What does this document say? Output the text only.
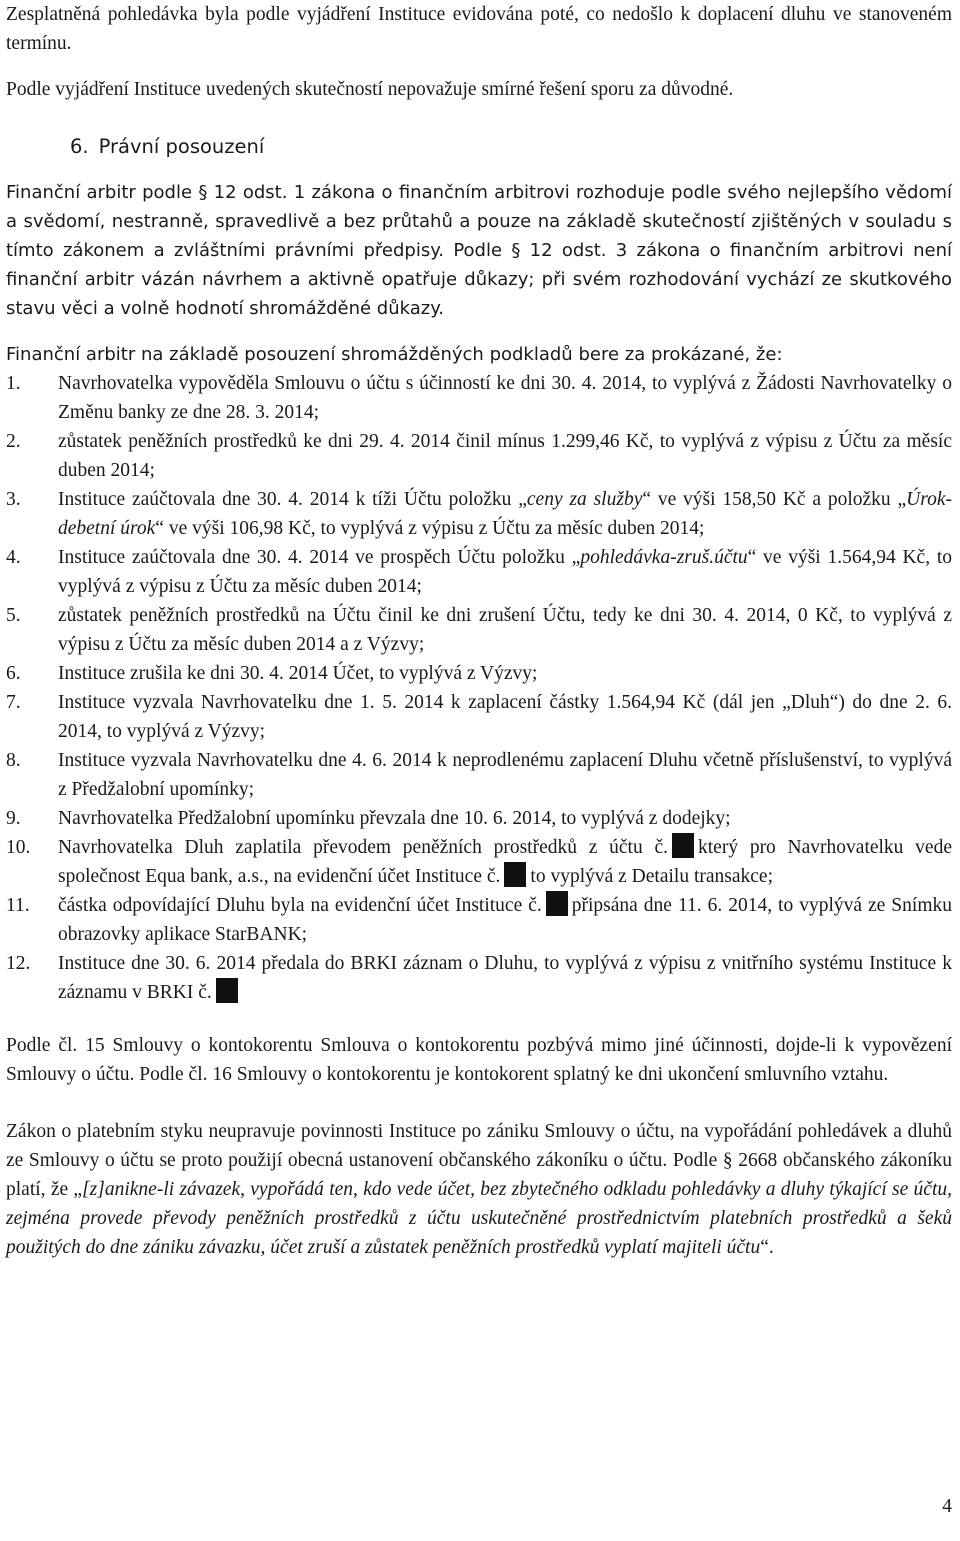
Zesplatněná pohledávka byla podle vyjádření Instituce evidována poté, co nedošlo k doplacení dluhu ve stanoveném termínu.

Podle vyjádření Instituce uvedených skutečností nepovažuje smírné řešení sporu za důvodné.

6. Právní posouzení

Finanční arbitr podle § 12 odst. 1 zákona o finančním arbitrovi rozhoduje podle svého nejlepšího vědomí a svědomí, nestranně, spravedlivě a bez průtahů a pouze na základě skutečností zjištěných v souladu s tímto zákonem a zvláštními právními předpisy. Podle § 12 odst. 3 zákona o finančním arbitrovi není finanční arbitr vázán návrhem a aktivně opatřuje důkazy; při svém rozhodování vychází ze skutkového stavu věci a volně hodnotí shromážděné důkazy.

Finanční arbitr na základě posouzení shromážděných podkladů bere za prokázané, že:

1.	Navrhovatelka vypověděla Smlouvu o účtu s účinností ke dni 30. 4. 2014, to vyplývá z Žádosti Navrhovatelky o Změnu banky ze dne 28. 3. 2014;
2.	zůstatek peněžních prostředků ke dni 29. 4. 2014 činil mínus 1.299,46 Kč, to vyplývá z výpisu z Účtu za měsíc duben 2014;
3.	Instituce zaúčtovala dne 30. 4. 2014 k tíži Účtu položku „ceny za služby“ ve výši 158,50 Kč a položku „Úrok-debetní úrok“ ve výši 106,98 Kč, to vyplývá z výpisu z Účtu za měsíc duben 2014;
4.	Instituce zaúčtovala dne 30. 4. 2014 ve prospěch Účtu položku „pohledávka-zruš.účtu“ ve výši 1.564,94 Kč, to vyplývá z výpisu z Účtu za měsíc duben 2014;
5.	zůstatek peněžních prostředků na Účtu činil ke dni zrušení Účtu, tedy ke dni 30. 4. 2014, 0 Kč, to vyplývá z výpisu z Účtu za měsíc duben 2014 a z Výzvy;
6.	Instituce zrušila ke dni 30. 4. 2014 Účet, to vyplývá z Výzvy;
7.	Instituce vyzvala Navrhovatelku dne 1. 5. 2014 k zaplacení částky 1.564,94 Kč (dál jen „Dluh“) do dne 2. 6. 2014, to vyplývá z Výzvy;
8.	Instituce vyzvala Navrhovatelku dne 4. 6. 2014 k neprodlenému zaplacení Dluhu včetně příslušenství, to vyplývá z Předžalobní upomínky;
9.	Navrhovatelka Předžalobní upomínku převzala dne 10. 6. 2014, to vyplývá z dodejky;
10.	Navrhovatelka Dluh zaplatila převodem peněžních prostředků z účtu č. který pro Navrhovatelku vede společnost Equa bank, a.s., na evidenční účet Instituce č. to vyplývá z Detailu transakce;
11.	částka odpovídající Dluhu byla na evidenční účet Instituce č. připsána dne 11. 6. 2014, to vyplývá ze Snímku obrazovky aplikace StarBANK;
12.	Instituce dne 30. 6. 2014 předala do BRKI záznam o Dluhu, to vyplývá z výpisu z vnitřního systému Instituce k záznamu v BRKI č.

Podle čl. 15 Smlouvy o kontokorentu Smlouva o kontokorentu pozbývá mimo jiné účinnosti, dojde-li k vypovězení Smlouvy o účtu. Podle čl. 16 Smlouvy o kontokorentu je kontokorent splatný ke dni ukončení smluvního vztahu.

Zákon o platebním styku neupravuje povinnosti Instituce po zániku Smlouvy o účtu, na vypořádání pohledávek a dluhů ze Smlouvy o účtu se proto použijí obecná ustanovení občanského zákoníku o účtu. Podle § 2668 občanského zákoníku platí, že „[z]anikne-li závazek, vypořádá ten, kdo vede účet, bez zbytečného odkladu pohledávky a dluhy týkající se účtu, zejména provede převody peněžních prostředků z účtu uskutečněné prostřednictvím platebních prostředků a šeků použitých do dne zániku závazku, účet zruší a zůstatek peněžních prostředků vyplatí majiteli účtu“.

4
